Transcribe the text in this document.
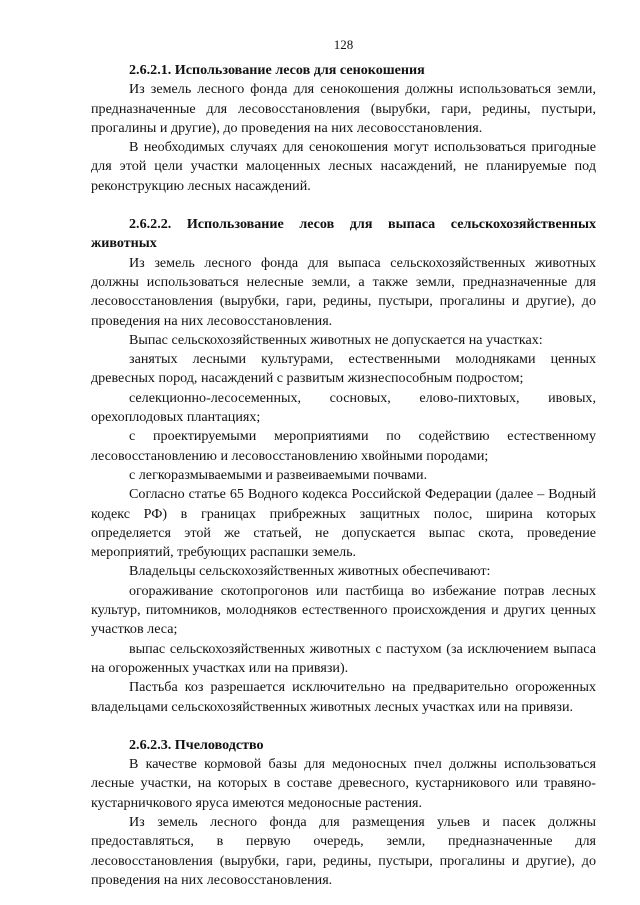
128

2.6.2.1. Использование лесов для сенокошения

Из земель лесного фонда для сенокошения должны использоваться земли, предназначенные для лесовосстановления (вырубки, гари, редины, пустыри, прогалины и другие), до проведения на них лесовосстановления.

В необходимых случаях для сенокошения могут использоваться пригодные для этой цели участки малоценных лесных насаждений, не планируемые под реконструкцию лесных насаждений.

2.6.2.2. Использование лесов для выпаса сельскохозяйственных животных

Из земель лесного фонда для выпаса сельскохозяйственных животных должны использоваться нелесные земли, а также земли, предназначенные для лесовосстановления (вырубки, гари, редины, пустыри, прогалины и другие), до проведения на них лесовосстановления.

Выпас сельскохозяйственных животных не допускается на участках:

занятых лесными культурами, естественными молодняками ценных древесных пород, насаждений с развитым жизнеспособным подростом;

селекционно-лесосеменных, сосновых, елово-пихтовых, ивовых, орехоплодовых плантациях;

с проектируемыми мероприятиями по содействию естественному лесовосстановлению и лесовосстановлению хвойными породами;

с легкоразмываемыми и развеиваемыми почвами.

Согласно статье 65 Водного кодекса Российской Федерации (далее – Водный кодекс РФ) в границах прибрежных защитных полос, ширина которых определяется этой же статьей, не допускается выпас скота, проведение мероприятий, требующих распашки земель.

Владельцы сельскохозяйственных животных обеспечивают:

огораживание скотопрогонов или пастбища во избежание потрав лесных культур, питомников, молодняков естественного происхождения и других ценных участков леса;

выпас сельскохозяйственных животных с пастухом (за исключением выпаса на огороженных участках или на привязи).

Пастьба коз разрешается исключительно на предварительно огороженных владельцами сельскохозяйственных животных лесных участках или на привязи.

2.6.2.3. Пчеловодство

В качестве кормовой базы для медоносных пчел должны использоваться лесные участки, на которых в составе древесного, кустарникового или травяно-кустарничкового яруса имеются медоносные растения.

Из земель лесного фонда для размещения ульев и пасек должны предоставляться, в первую очередь, земли, предназначенные для лесовосстановления (вырубки, гари, редины, пустыри, прогалины и другие), до проведения на них лесовосстановления.
